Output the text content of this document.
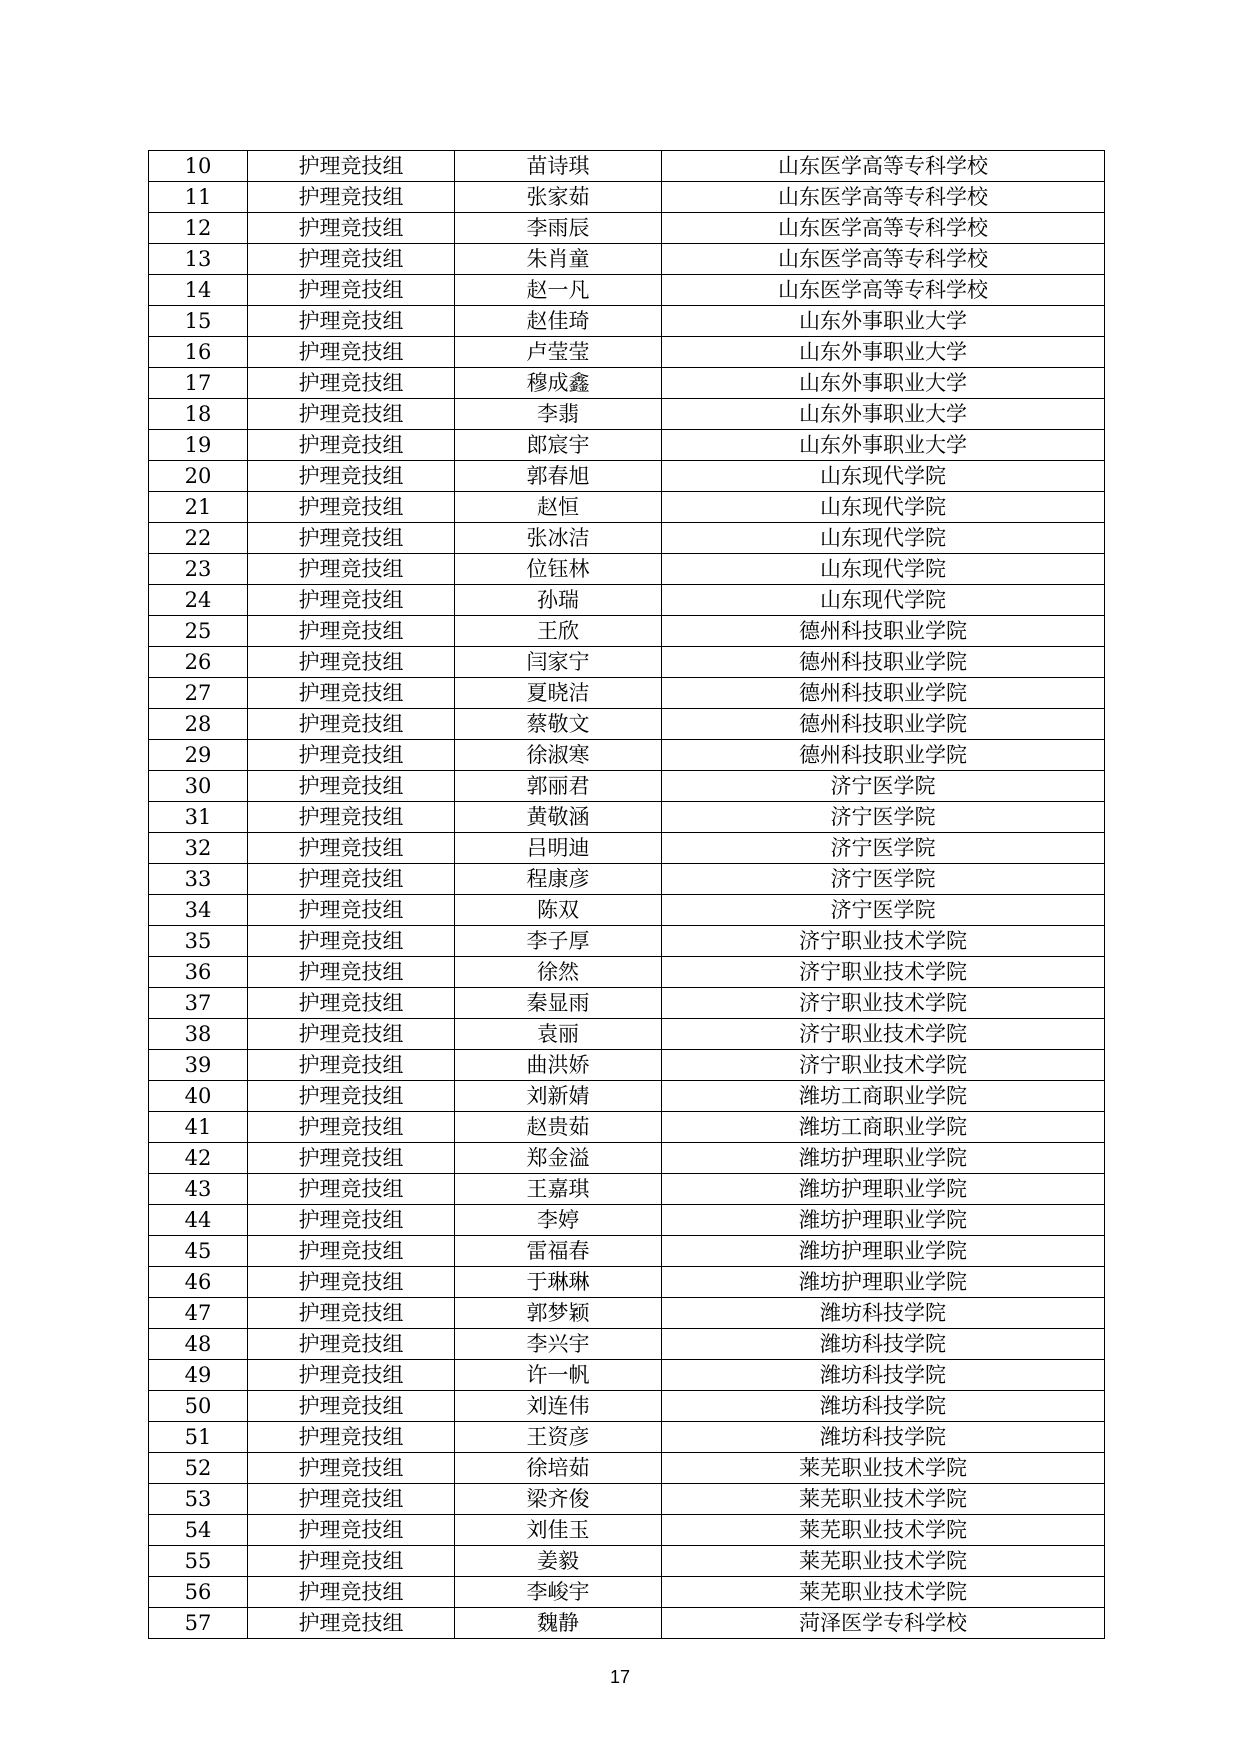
10	护理竞技组	苗诗琪	山东医学高等专科学校
11	护理竞技组	张家茹	山东医学高等专科学校
12	护理竞技组	李雨辰	山东医学高等专科学校
13	护理竞技组	朱肖童	山东医学高等专科学校
14	护理竞技组	赵一凡	山东医学高等专科学校
15	护理竞技组	赵佳琦	山东外事职业大学
16	护理竞技组	卢莹莹	山东外事职业大学
17	护理竞技组	穆成鑫	山东外事职业大学
18	护理竞技组	李翡	山东外事职业大学
19	护理竞技组	郎宸宇	山东外事职业大学
20	护理竞技组	郭春旭	山东现代学院
21	护理竞技组	赵恒	山东现代学院
22	护理竞技组	张冰洁	山东现代学院
23	护理竞技组	位钰林	山东现代学院
24	护理竞技组	孙瑞	山东现代学院
25	护理竞技组	王欣	德州科技职业学院
26	护理竞技组	闫家宁	德州科技职业学院
27	护理竞技组	夏晓洁	德州科技职业学院
28	护理竞技组	蔡敬文	德州科技职业学院
29	护理竞技组	徐淑寒	德州科技职业学院
30	护理竞技组	郭丽君	济宁医学院
31	护理竞技组	黄敬涵	济宁医学院
32	护理竞技组	吕明迪	济宁医学院
33	护理竞技组	程康彦	济宁医学院
34	护理竞技组	陈双	济宁医学院
35	护理竞技组	李子厚	济宁职业技术学院
36	护理竞技组	徐然	济宁职业技术学院
37	护理竞技组	秦显雨	济宁职业技术学院
38	护理竞技组	袁丽	济宁职业技术学院
39	护理竞技组	曲洪娇	济宁职业技术学院
40	护理竞技组	刘新婧	潍坊工商职业学院
41	护理竞技组	赵贵茹	潍坊工商职业学院
42	护理竞技组	郑金溢	潍坊护理职业学院
43	护理竞技组	王嘉琪	潍坊护理职业学院
44	护理竞技组	李婷	潍坊护理职业学院
45	护理竞技组	雷福春	潍坊护理职业学院
46	护理竞技组	于琳琳	潍坊护理职业学院
47	护理竞技组	郭梦颖	潍坊科技学院
48	护理竞技组	李兴宇	潍坊科技学院
49	护理竞技组	许一帆	潍坊科技学院
50	护理竞技组	刘连伟	潍坊科技学院
51	护理竞技组	王资彦	潍坊科技学院
52	护理竞技组	徐培茹	莱芜职业技术学院
53	护理竞技组	梁齐俊	莱芜职业技术学院
54	护理竞技组	刘佳玉	莱芜职业技术学院
55	护理竞技组	姜毅	莱芜职业技术学院
56	护理竞技组	李峻宇	莱芜职业技术学院
57	护理竞技组	魏静	菏泽医学专科学校
17
